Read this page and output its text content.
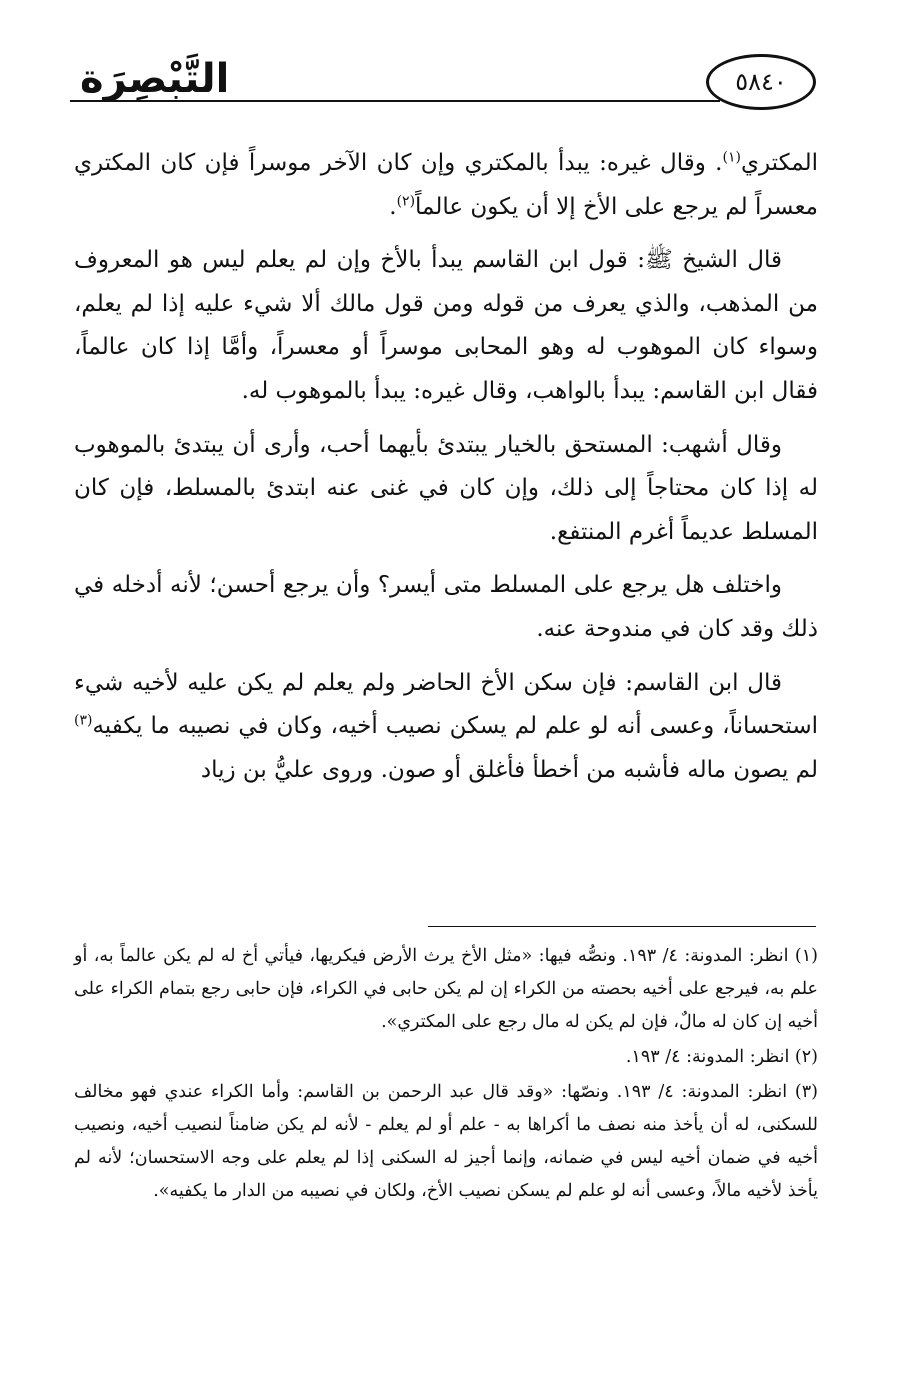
التَّبْصِرَة	٥٨٤٠

المكتري$^{(١)}$. وقال غيره: يبدأ بالمكتري وإن كان الآخر موسراً فإن كان المكتري معسراً لم يرجع على الأخ إلا أن يكون عالماً$^{(٢)}$.

قال الشيخ ﷺ: قول ابن القاسم يبدأ بالأخ وإن لم يعلم ليس هو المعروف من المذهب، والذي يعرف من قوله ومن قول مالك ألا شيء عليه إذا لم يعلم، وسواء كان الموهوب له وهو المحابى موسراً أو معسراً، وأمَّا إذا كان عالماً، فقال ابن القاسم: يبدأ بالواهب، وقال غيره: يبدأ بالموهوب له.

وقال أشهب: المستحق بالخيار يبتدئ بأيهما أحب، وأرى أن يبتدئ بالموهوب له إذا كان محتاجاً إلى ذلك، وإن كان في غنى عنه ابتدئ بالمسلط، فإن كان المسلط عديماً أغرم المنتفع.

واختلف هل يرجع على المسلط متى أيسر؟ وأن يرجع أحسن؛ لأنه أدخله في ذلك وقد كان في مندوحة عنه.

قال ابن القاسم: فإن سكن الأخ الحاضر ولم يعلم لم يكن عليه لأخيه شيء استحساناً، وعسى أنه لو علم لم يسكن نصيب أخيه، وكان في نصيبه ما يكفيه$^{(٣)}$ لم يصون ماله فأشبه من أخطأ فأغلق أو صون. وروى عليُّ بن زياد

(١) انظر: المدونة: ٤/ ١٩٣. ونصُّه فيها: «مثل الأخ يرث الأرض فيكريها، فيأتي أخ له لم يكن عالماً به، أو علم به، فيرجع على أخيه بحصته من الكراء إن لم يكن حابى في الكراء، فإن حابى رجع بتمام الكراء على أخيه إن كان له مالٌ، فإن لم يكن له مال رجع على المكتري».

(٢) انظر: المدونة: ٤/ ١٩٣.

(٣) انظر: المدونة: ٤/ ١٩٣. ونصّها: «وقد قال عبد الرحمن بن القاسم: وأما الكراء عندي فهو مخالف للسكنى، له أن يأخذ منه نصف ما أكراها به - علم أو لم يعلم - لأنه لم يكن ضامناً لنصيب أخيه، ونصيب أخيه في ضمان أخيه ليس في ضمانه، وإنما أجيز له السكنى إذا لم يعلم على وجه الاستحسان؛ لأنه لم يأخذ لأخيه مالاً، وعسى أنه لو علم لم يسكن نصيب الأخ، ولكان في نصيبه من الدار ما يكفيه».
